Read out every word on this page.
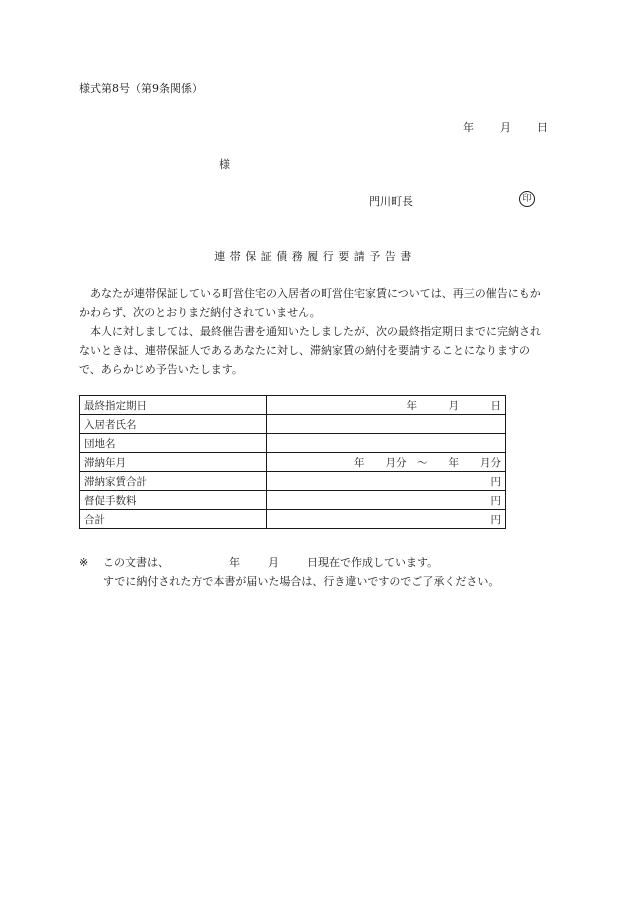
様式第8号（第9条関係）
年 月 日
様
門川町長	印
連帯保証債務履行要請予告書

　あなたが連帯保証している町営住宅の入居者の町営住宅家賃については、再三の催告にもかかわらず、次のとおりまだ納付されていません。

　本人に対しましては、最終催告書を通知いたしましたが、次の最終指定期日までに完納されないときは、連帯保証人であるあなたに対し、滞納家賃の納付を要請することになりますので、あらかじめ予告いたします。

最終指定期日	年　　　月　　　日
入居者氏名	
団地名	
滞納年月	年　　月分　～　　年　　月分
滞納家賃合計	円
督促手数料	円
合計	円
※ この文書は、	年	月	日現在で作成しています。
すでに納付された方で本書が届いた場合は、行き違いですのでご了承ください。
